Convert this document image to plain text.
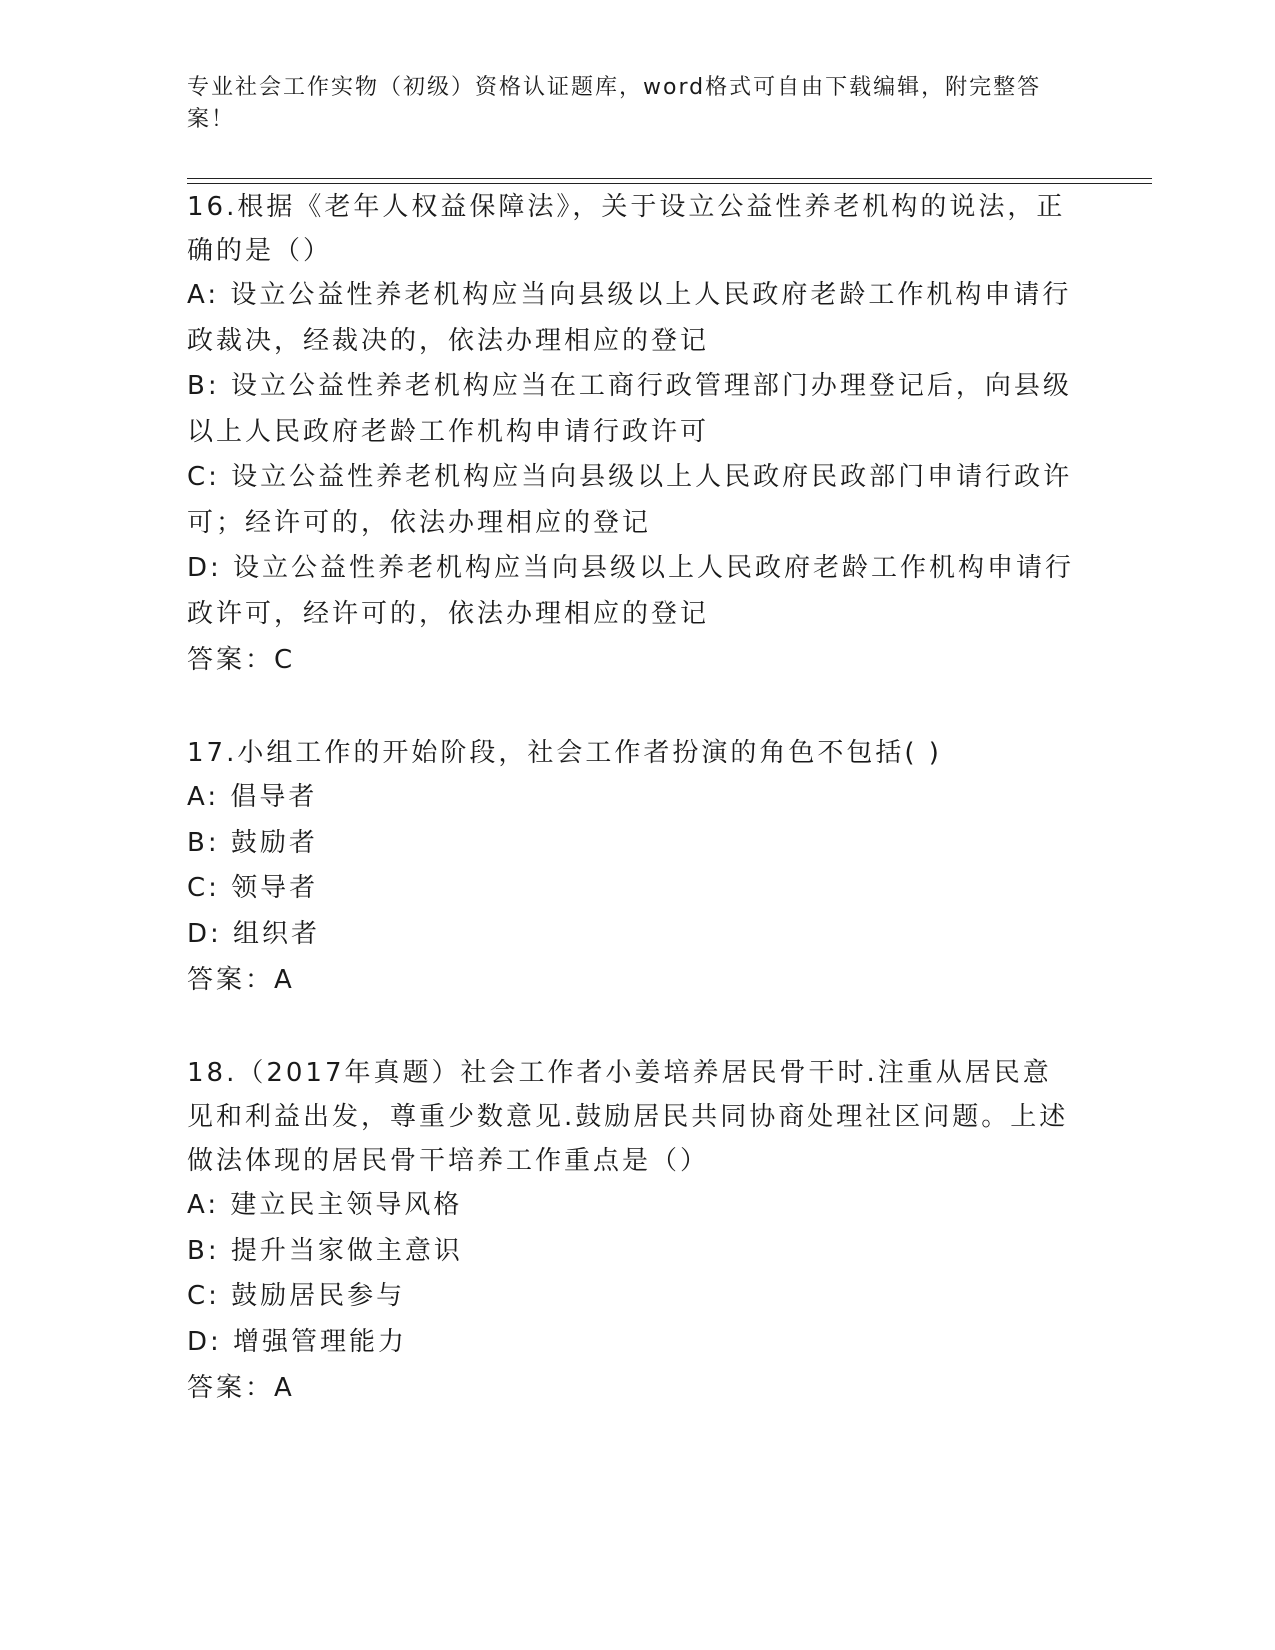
专业社会工作实物（初级）资格认证题库，word格式可自由下载编辑，附完整答案！

16.根据《老年人权益保障法》，关于设立公益性养老机构的说法，正确的是（）

A: 设立公益性养老机构应当向县级以上人民政府老龄工作机构申请行政裁决，经裁决的，依法办理相应的登记

B: 设立公益性养老机构应当在工商行政管理部门办理登记后，向县级以上人民政府老龄工作机构申请行政许可

C: 设立公益性养老机构应当向县级以上人民政府民政部门申请行政许可；经许可的，依法办理相应的登记

D: 设立公益性养老机构应当向县级以上人民政府老龄工作机构申请行政许可，经许可的，依法办理相应的登记

答案：C

17.小组工作的开始阶段，社会工作者扮演的角色不包括( )

A: 倡导者

B: 鼓励者

C: 领导者

D: 组织者

答案：A

18.（2017年真题）社会工作者小姜培养居民骨干时.注重从居民意见和利益出发，尊重少数意见.鼓励居民共同协商处理社区问题。上述做法体现的居民骨干培养工作重点是（）

A: 建立民主领导风格

B: 提升当家做主意识

C: 鼓励居民参与

D: 增强管理能力

答案：A
